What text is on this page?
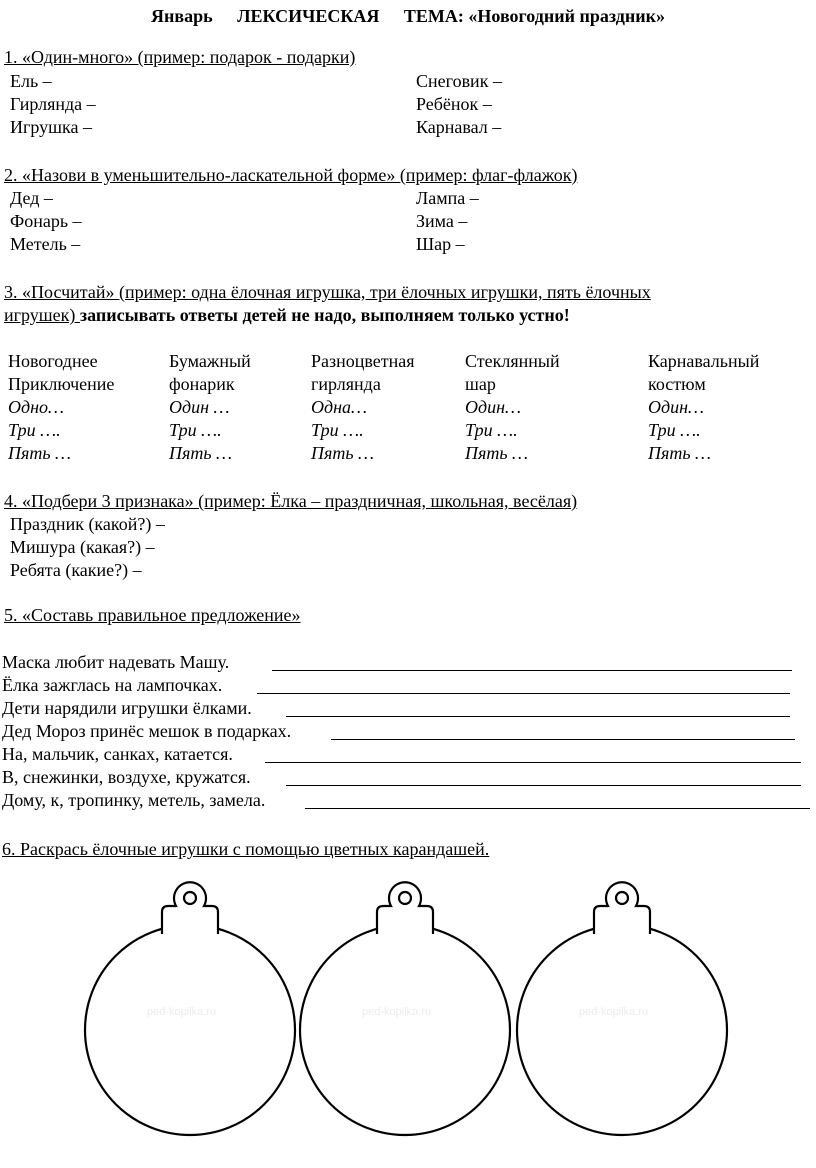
Январь ЛЕКСИЧЕСКАЯ ТЕМА: «Новогодний праздник»
1. «Один-много» (пример: подарок - подарки)
Ель –
Гирлянда –
Игрушка –
Снеговик –
Ребёнок –
Карнавал –
2. «Назови в уменьшительно-ласкательной форме» (пример: флаг-флажок)
Дед –
Фонарь –
Метель –
Лампа –
Зима –
Шар –
3. «Посчитай» (пример: одна ёлочная игрушка, три ёлочных игрушки, пять ёлочных
игрушек) записывать ответы детей не надо, выполняем только устно!
Новогоднее
Приключение
Одно…
Три ….
Пять …
Бумажный
фонарик
Один …
Три ….
Пять …
Разноцветная
гирлянда
Одна…
Три ….
Пять …
Стеклянный
шар
Один…
Три ….
Пять …
Карнавальный
костюм
Один…
Три ….
Пять …
4. «Подбери 3 признака» (пример: Ёлка – праздничная, школьная, весёлая)
Праздник (какой?) –
Мишура (какая?) –
Ребята (какие?) –
5. «Составь правильное предложение»
Маска любит надевать Машу.
Ёлка зажглась на лампочках.
Дети нарядили игрушки ёлками.
Дед Мороз принёс мешок в подарках.
На, мальчик, санках, катается.
В, снежинки, воздухе, кружатся.
Дому, к, тропинку, метель, замела.
6. Раскрась ёлочные игрушки с помощью цветных карандашей.
ped-kopilka.ru	ped-kopilka.ru	ped-kopilka.ru
